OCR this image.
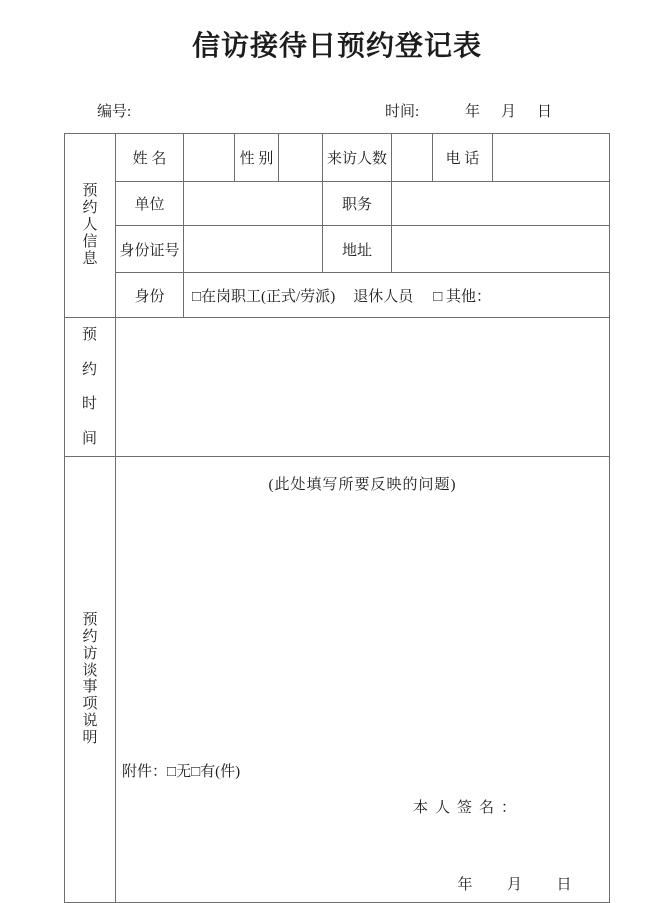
信访接待日预约登记表
编号:	时间:	年　月　日
预约人信息	姓 名		性 别		来访人数		电 话	
	单位				职务			
	身份证号				地址			
	身份	□在岗职工(正式/劳派) 退休人员 □ 其他：						
预约时间								
预约访谈事项说明	(此处填写所要反映的问题)
附件：□无□有(件)
本人签名：
年　　月　　日							
